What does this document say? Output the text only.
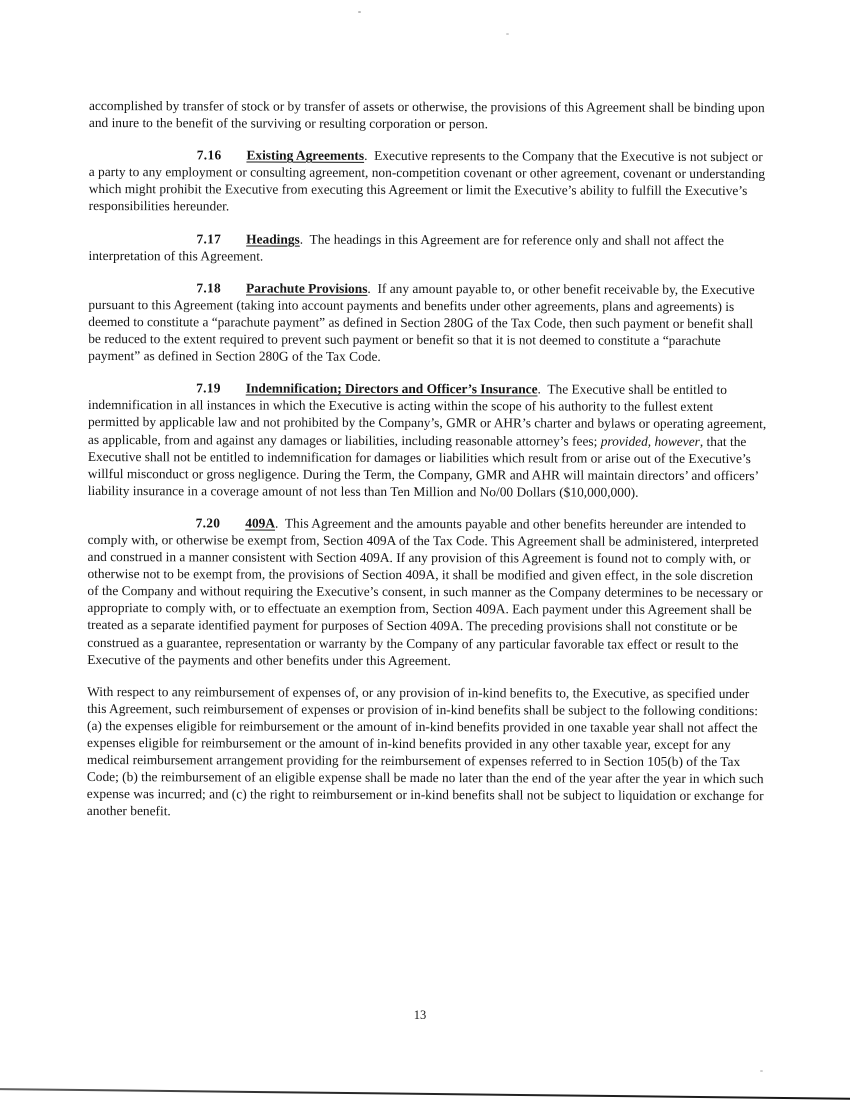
accomplished by transfer of stock or by transfer of assets or otherwise, the provisions of this Agreement shall be binding upon and inure to the benefit of the surviving or resulting corporation or person.

7.16 Existing Agreements.  Executive represents to the Company that the Executive is not subject or a party to any employment or consulting agreement, non-competition covenant or other agreement, covenant or understanding which might prohibit the Executive from executing this Agreement or limit the Executive’s ability to fulfill the Executive’s responsibilities hereunder.

7.17 Headings.  The headings in this Agreement are for reference only and shall not affect the interpretation of this Agreement.

7.18 Parachute Provisions.  If any amount payable to, or other benefit receivable by, the Executive pursuant to this Agreement (taking into account payments and benefits under other agreements, plans and agreements) is deemed to constitute a “parachute payment” as defined in Section 280G of the Tax Code, then such payment or benefit shall be reduced to the extent required to prevent such payment or benefit so that it is not deemed to constitute a “parachute payment” as defined in Section 280G of the Tax Code.

7.19 Indemnification; Directors and Officer’s Insurance.  The Executive shall be entitled to indemnification in all instances in which the Executive is acting within the scope of his authority to the fullest extent permitted by applicable law and not prohibited by the Company’s, GMR or AHR’s charter and bylaws or operating agreement, as applicable, from and against any damages or liabilities, including reasonable attorney’s fees; provided, however, that the Executive shall not be entitled to indemnification for damages or liabilities which result from or arise out of the Executive’s willful misconduct or gross negligence. During the Term, the Company, GMR and AHR will maintain directors’ and officers’ liability insurance in a coverage amount of not less than Ten Million and No/00 Dollars ($10,000,000).

7.20 409A.  This Agreement and the amounts payable and other benefits hereunder are intended to comply with, or otherwise be exempt from, Section 409A of the Tax Code. This Agreement shall be administered, interpreted and construed in a manner consistent with Section 409A. If any provision of this Agreement is found not to comply with, or otherwise not to be exempt from, the provisions of Section 409A, it shall be modified and given effect, in the sole discretion of the Company and without requiring the Executive’s consent, in such manner as the Company determines to be necessary or appropriate to comply with, or to effectuate an exemption from, Section 409A. Each payment under this Agreement shall be treated as a separate identified payment for purposes of Section 409A. The preceding provisions shall not constitute or be construed as a guarantee, representation or warranty by the Company of any particular favorable tax effect or result to the Executive of the payments and other benefits under this Agreement.

With respect to any reimbursement of expenses of, or any provision of in-kind benefits to, the Executive, as specified under this Agreement, such reimbursement of expenses or provision of in-kind benefits shall be subject to the following conditions: (a) the expenses eligible for reimbursement or the amount of in-kind benefits provided in one taxable year shall not affect the expenses eligible for reimbursement or the amount of in-kind benefits provided in any other taxable year, except for any medical reimbursement arrangement providing for the reimbursement of expenses referred to in Section 105(b) of the Tax Code; (b) the reimbursement of an eligible expense shall be made no later than the end of the year after the year in which such expense was incurred; and (c) the right to reimbursement or in-kind benefits shall not be subject to liquidation or exchange for another benefit.

13
